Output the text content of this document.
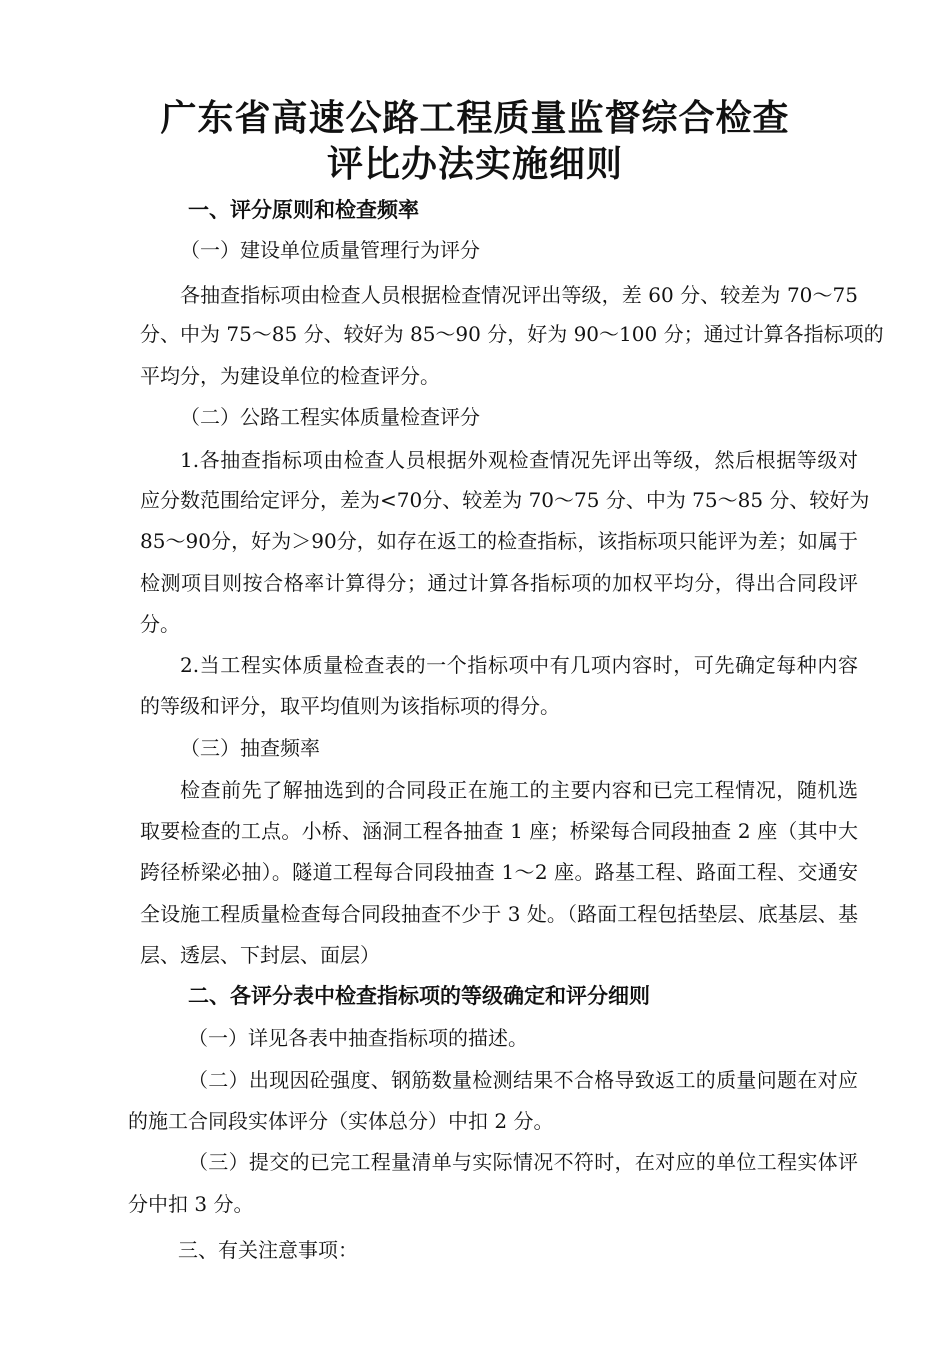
广东省高速公路工程质量监督综合检查
评比办法实施细则
一、评分原则和检查频率
（一）建设单位质量管理行为评分
各抽查指标项由检查人员根据检查情况评出等级，差 60 分、较差为 70～75
分、中为 75～85 分、较好为 85～90 分，好为 90～100 分；通过计算各指标项的
平均分，为建设单位的检查评分。
（二）公路工程实体质量检查评分
1.各抽查指标项由检查人员根据外观检查情况先评出等级，然后根据等级对
应分数范围给定评分，差为<70分、较差为 70～75 分、中为 75～85 分、较好为
85～90分，好为＞90分，如存在返工的检查指标，该指标项只能评为差；如属于
检测项目则按合格率计算得分；通过计算各指标项的加权平均分，得出合同段评
分。
2.当工程实体质量检查表的一个指标项中有几项内容时，可先确定每种内容
的等级和评分，取平均值则为该指标项的得分。
（三）抽查频率
检查前先了解抽选到的合同段正在施工的主要内容和已完工程情况，随机选
取要检查的工点。小桥、涵洞工程各抽查 1 座；桥梁每合同段抽查 2 座（其中大
跨径桥梁必抽）。隧道工程每合同段抽查 1～2 座。路基工程、路面工程、交通安
全设施工程质量检查每合同段抽查不少于 3 处。（路面工程包括垫层、底基层、基
层、透层、下封层、面层）
二、各评分表中检查指标项的等级确定和评分细则
（一）详见各表中抽查指标项的描述。
（二）出现因砼强度、钢筋数量检测结果不合格导致返工的质量问题在对应
的施工合同段实体评分（实体总分）中扣 2 分。
（三）提交的已完工程量清单与实际情况不符时，在对应的单位工程实体评
分中扣 3 分。
三、有关注意事项：
